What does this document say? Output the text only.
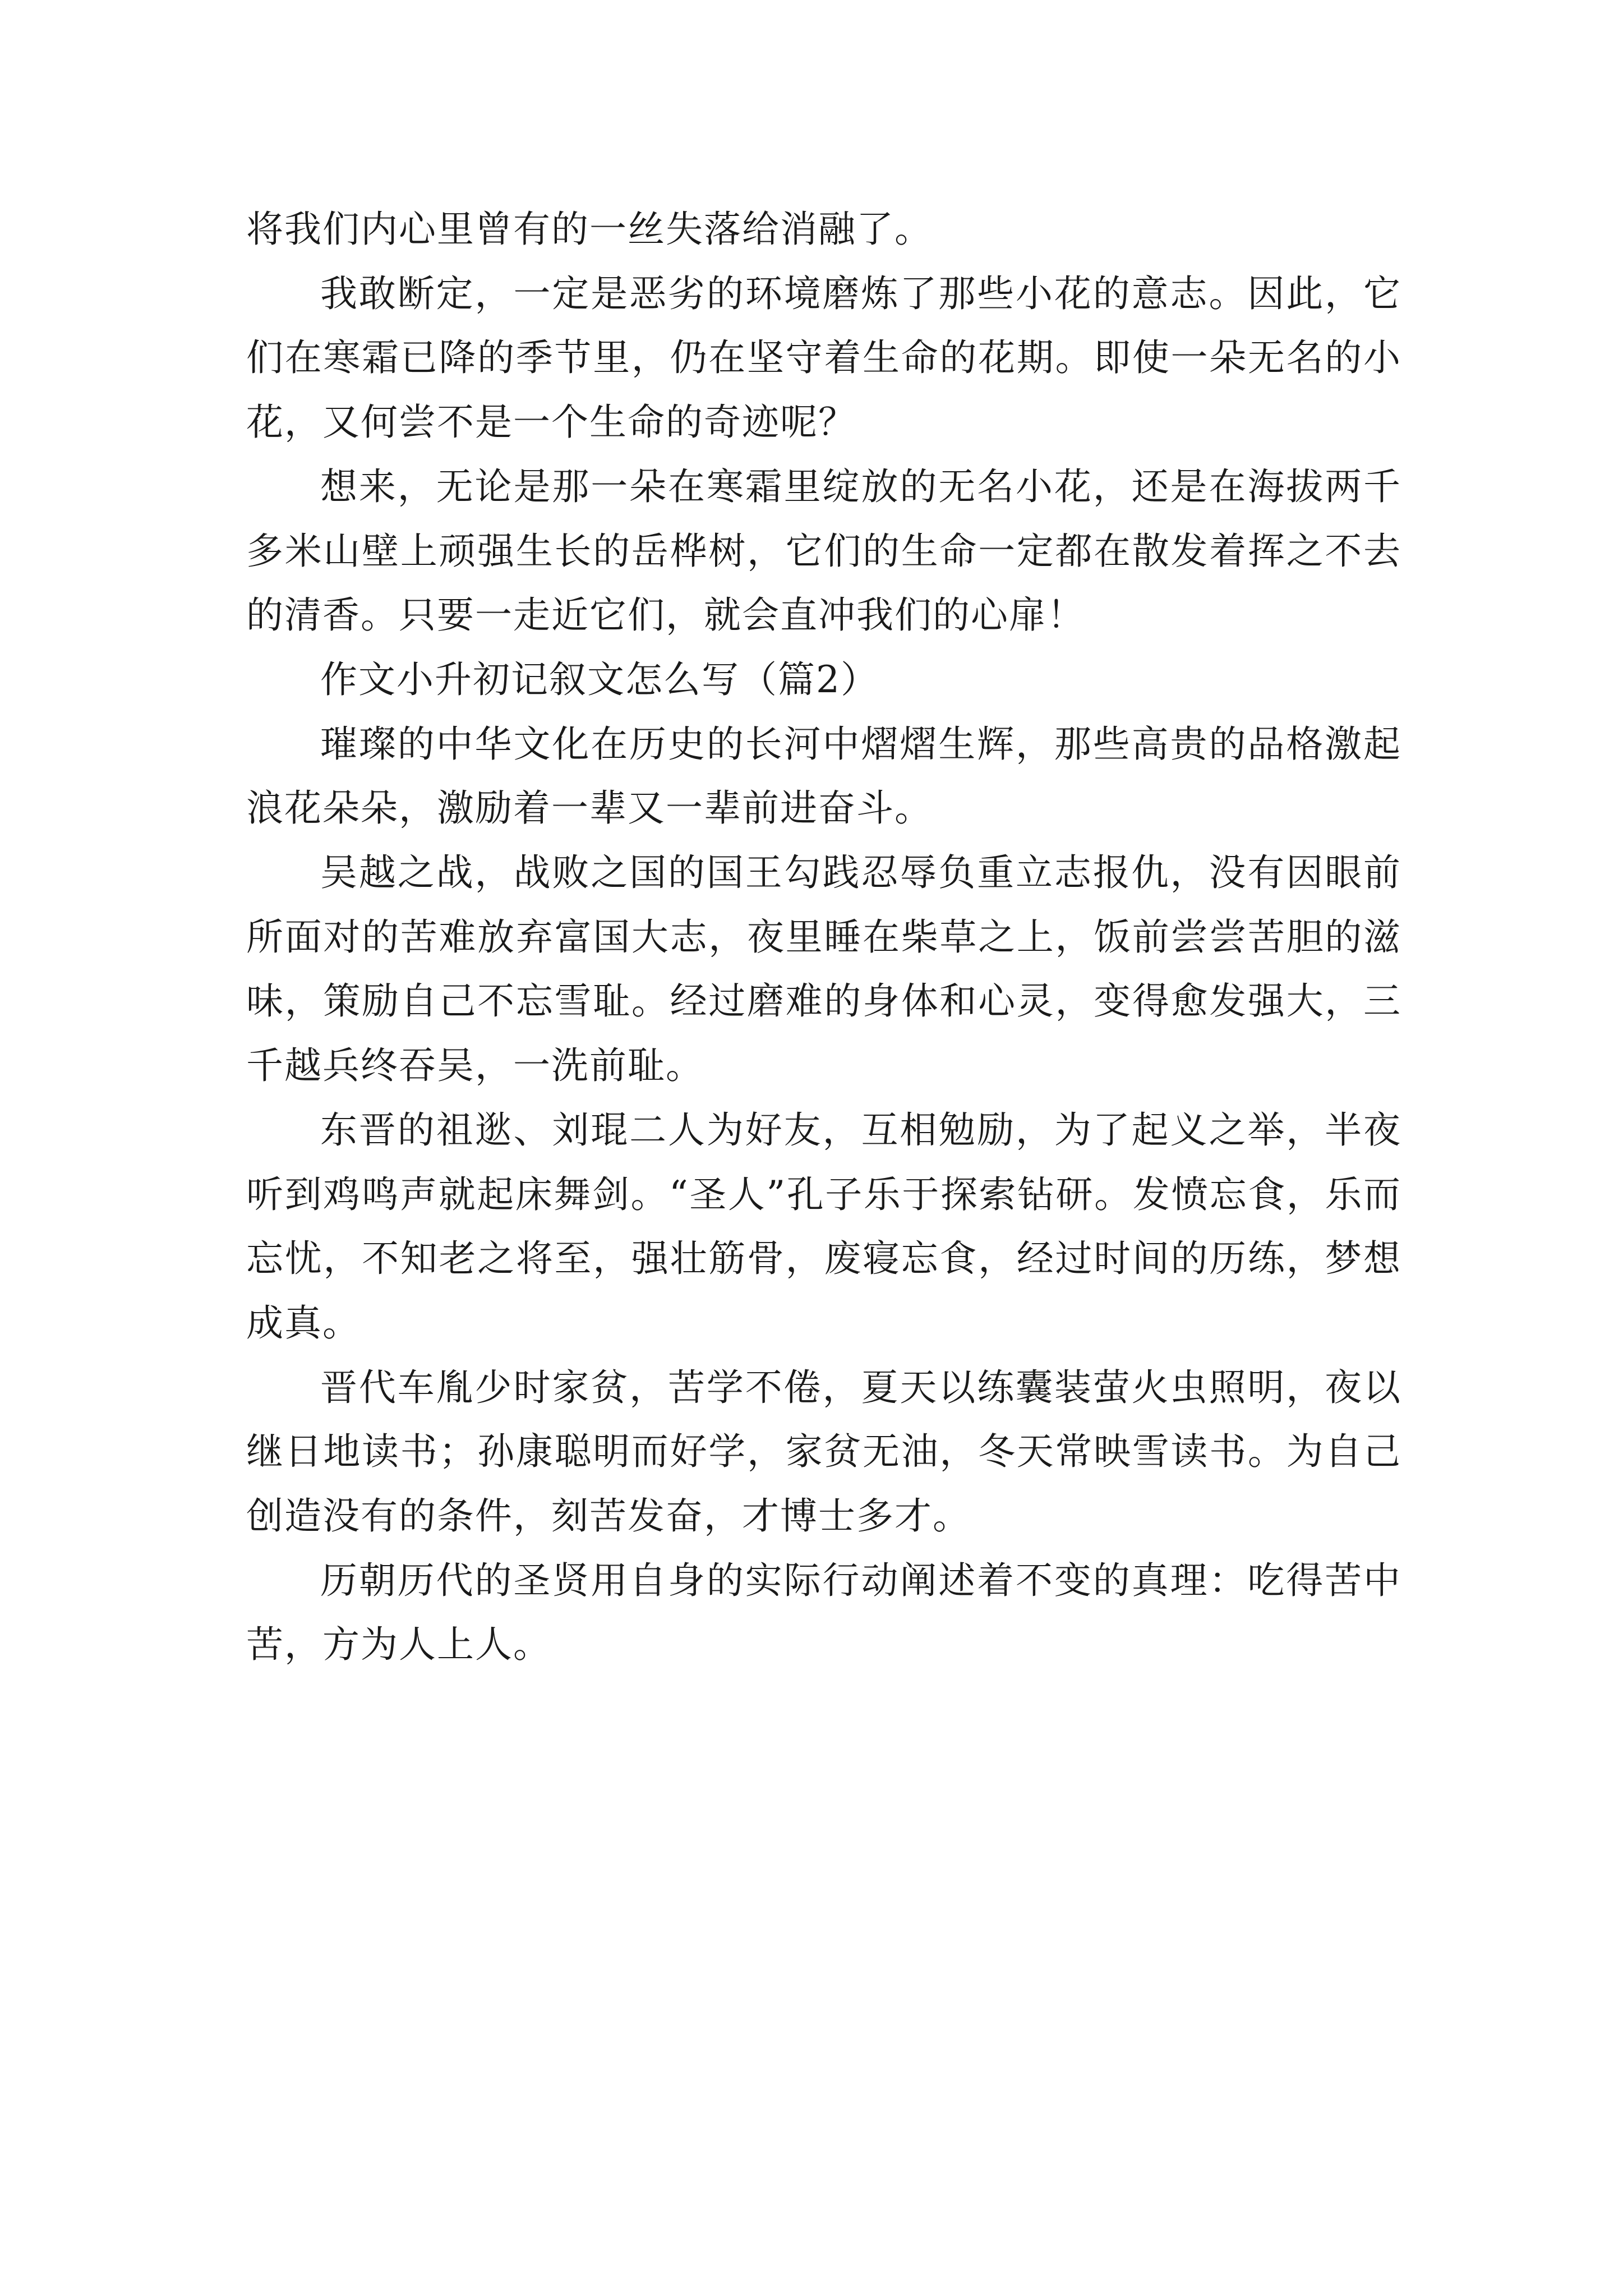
将我们内心里曾有的一丝失落给消融了。

我敢断定，一定是恶劣的环境磨炼了那些小花的意志。因此，它们在寒霜已降的季节里，仍在坚守着生命的花期。即使一朵无名的小花，又何尝不是一个生命的奇迹呢？

想来，无论是那一朵在寒霜里绽放的无名小花，还是在海拔两千多米山壁上顽强生长的岳桦树，它们的生命一定都在散发着挥之不去的清香。只要一走近它们，就会直冲我们的心扉！

作文小升初记叙文怎么写（篇2）

璀璨的中华文化在历史的长河中熠熠生辉，那些高贵的品格激起浪花朵朵，激励着一辈又一辈前进奋斗。

吴越之战，战败之国的国王勾践忍辱负重立志报仇，没有因眼前所面对的苦难放弃富国大志，夜里睡在柴草之上，饭前尝尝苦胆的滋味，策励自己不忘雪耻。经过磨难的身体和心灵，变得愈发强大，三千越兵终吞吴，一洗前耻。

东晋的祖逖、刘琨二人为好友，互相勉励，为了起义之举，半夜听到鸡鸣声就起床舞剑。“圣人”孔子乐于探索钻研。发愤忘食，乐而忘忧，不知老之将至，强壮筋骨，废寝忘食，经过时间的历练，梦想成真。

晋代车胤少时家贫，苦学不倦，夏天以练囊装萤火虫照明，夜以继日地读书；孙康聪明而好学，家贫无油，冬天常映雪读书。为自己创造没有的条件，刻苦发奋，才博士多才。

历朝历代的圣贤用自身的实际行动阐述着不变的真理：吃得苦中苦，方为人上人。
